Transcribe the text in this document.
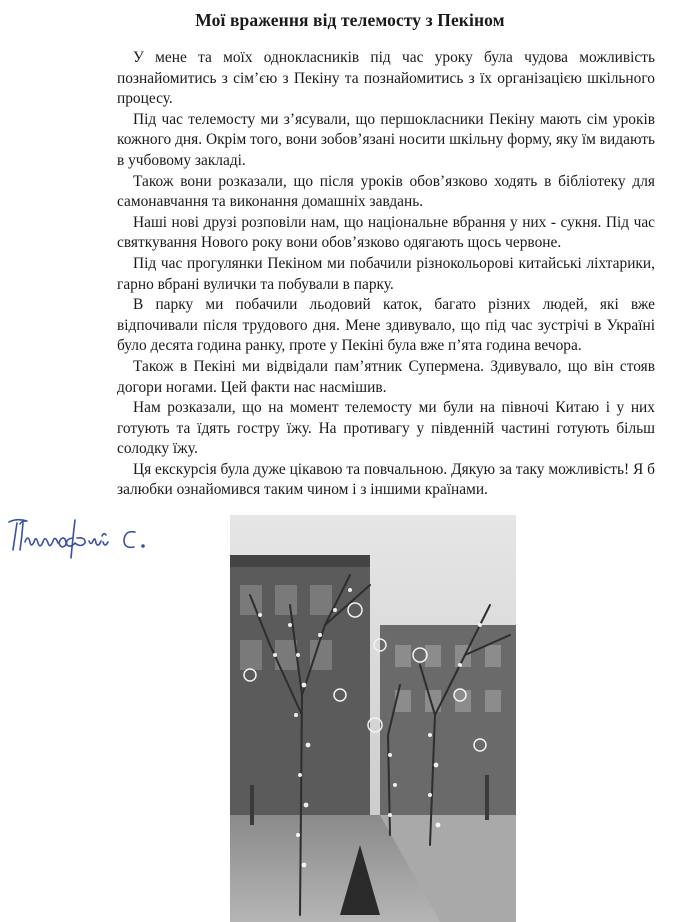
Мої враження від телемосту з Пекіном

У мене та моїх однокласників під час уроку була чудова можливість познайомитись з сім’єю з Пекіну та познайомитись з їх організацією шкільного процесу.

Під час телемосту ми з’ясували, що першокласники Пекіну мають сім уроків кожного дня. Окрім того, вони зобов’язані носити шкільну форму, яку їм видають в учбовому закладі.

Також вони розказали, що після уроків обов’язково ходять в бібліотеку для самонавчання та виконання домашніх завдань.

Наші нові друзі розповіли нам, що національне вбрання у них - сукня. Під час святкування Нового року вони обов’язково одягають щось червоне.

Під час прогулянки Пекіном ми побачили різнокольорові китайські ліхтарики, гарно вбрані вулички та побували в парку.

В парку ми побачили льодовий каток, багато різних людей, які вже відпочивали після трудового дня. Мене здивувало, що під час зустрічі в Україні було десята година ранку, проте у Пекіні була вже п’ята година вечора.

Також в Пекіні ми відвідали пам’ятник Супермена. Здивувало, що він стояв догори ногами. Цей факти нас насмішив.

Нам розказали, що на момент телемосту ми були на півночі Китаю і у них готують та їдять гостру їжу. На противагу у південній частині готують більш солодку їжу.

Ця екскурсія була дуже цікавою та повчальною. Дякую за таку можливість! Я б залюбки ознайомився таким чином і з іншими країнами.
